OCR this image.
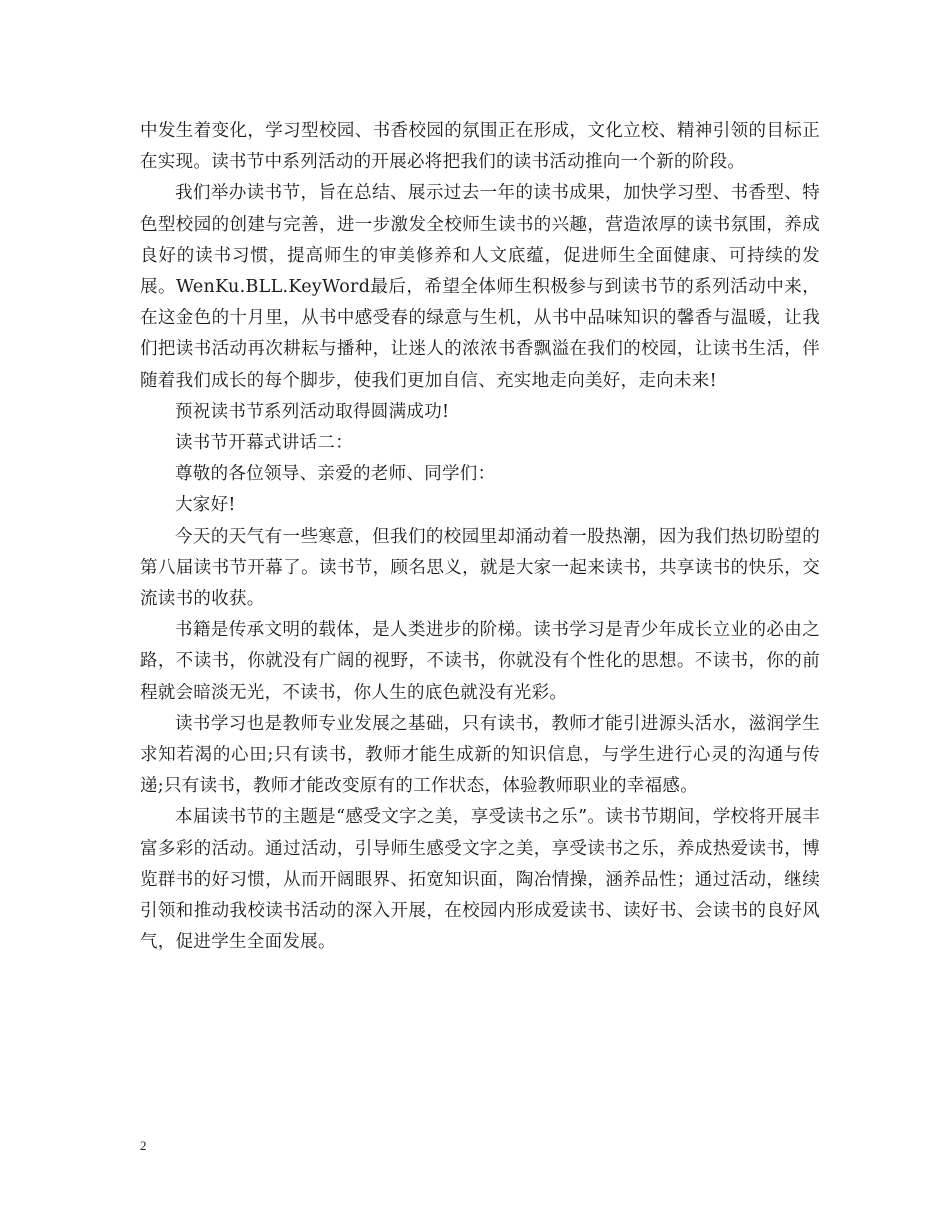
中发生着变化，学习型校园、书香校园的氛围正在形成，文化立校、精神引领的目标正在实现。读书节中系列活动的开展必将把我们的读书活动推向一个新的阶段。

我们举办读书节，旨在总结、展示过去一年的读书成果，加快学习型、书香型、特色型校园的创建与完善，进一步激发全校师生读书的兴趣，营造浓厚的读书氛围，养成良好的读书习惯，提高师生的审美修养和人文底蕴，促进师生全面健康、可持续的发展。WenKu.BLL.KeyWord最后，希望全体师生积极参与到读书节的系列活动中来，在这金色的十月里，从书中感受春的绿意与生机，从书中品味知识的馨香与温暖，让我们把读书活动再次耕耘与播种，让迷人的浓浓书香飘溢在我们的校园，让读书生活，伴随着我们成长的每个脚步，使我们更加自信、充实地走向美好，走向未来!

预祝读书节系列活动取得圆满成功!

读书节开幕式讲话二：

尊敬的各位领导、亲爱的老师、同学们：

大家好!

今天的天气有一些寒意，但我们的校园里却涌动着一股热潮，因为我们热切盼望的第八届读书节开幕了。读书节，顾名思义，就是大家一起来读书，共享读书的快乐，交流读书的收获。

书籍是传承文明的载体，是人类进步的阶梯。读书学习是青少年成长立业的必由之路，不读书，你就没有广阔的视野，不读书，你就没有个性化的思想。不读书，你的前程就会暗淡无光，不读书，你人生的底色就没有光彩。

读书学习也是教师专业发展之基础，只有读书，教师才能引进源头活水，滋润学生求知若渴的心田;只有读书，教师才能生成新的知识信息，与学生进行心灵的沟通与传递;只有读书，教师才能改变原有的工作状态，体验教师职业的幸福感。

本届读书节的主题是“感受文字之美，享受读书之乐”。读书节期间，学校将开展丰富多彩的活动。通过活动，引导师生感受文字之美，享受读书之乐，养成热爱读书，博览群书的好习惯，从而开阔眼界、拓宽知识面，陶冶情操，涵养品性；通过活动，继续引领和推动我校读书活动的深入开展，在校园内形成爱读书、读好书、会读书的良好风气，促进学生全面发展。

2
